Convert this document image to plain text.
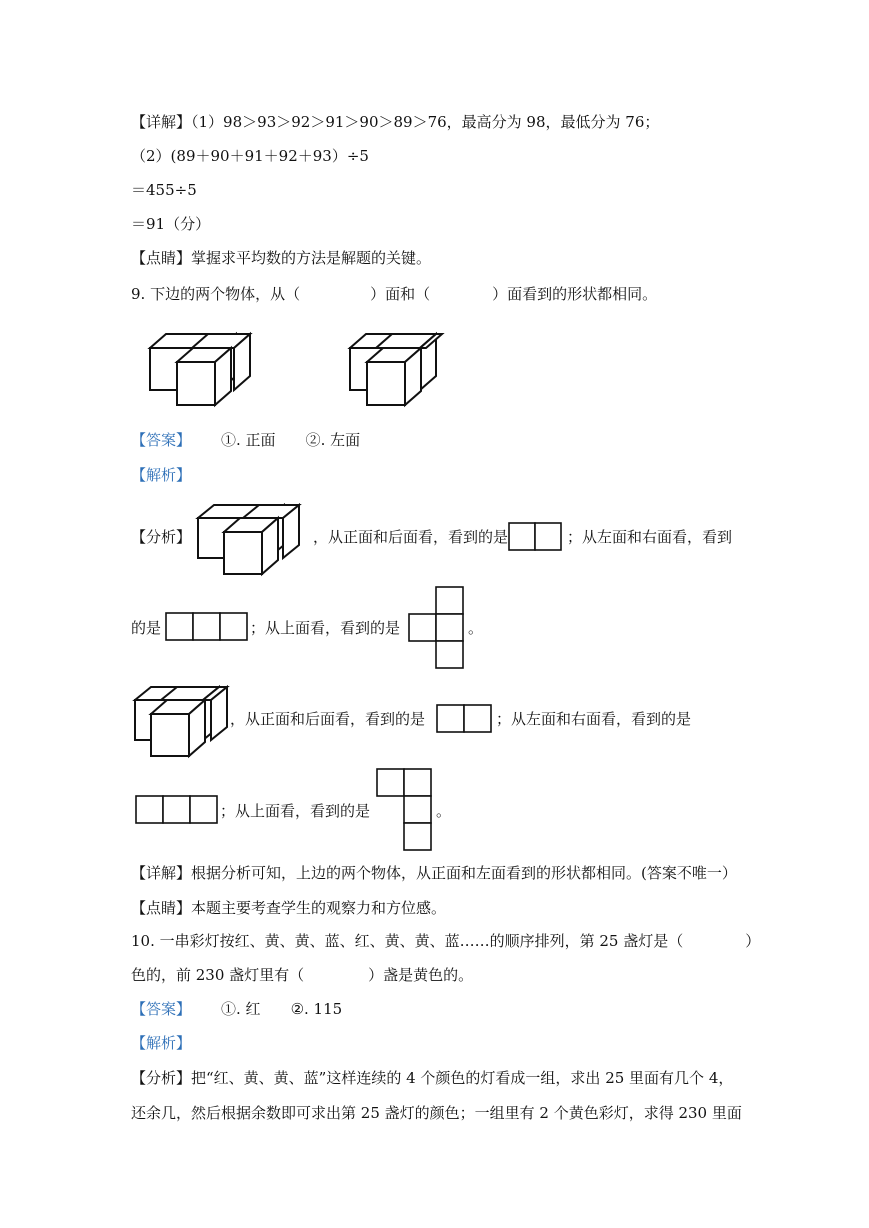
【详解】（1）98＞93＞92＞91＞90＞89＞76，最高分为 98，最低分为 76；
（2）(89＋90＋91＋92＋93）÷5
＝455÷5
＝91（分）
【点睛】掌握求平均数的方法是解题的关键。
9. 下边的两个物体，从（	）面和（	）面看到的形状都相同。
【答案】 ①. 正面 ②. 左面
【解析】
【分析】	，从正面和后面看，看到的是	；从左面和右面看，看到
的是	；从上面看，看到的是	。
，从正面和后面看，看到的是	；从左面和右面看，看到的是
；从上面看，看到的是	。
【详解】根据分析可知，上边的两个物体，从正面和左面看到的形状都相同。(答案不唯一）
【点睛】本题主要考查学生的观察力和方位感。
10. 一串彩灯按红、黄、黄、蓝、红、黄、黄、蓝……的顺序排列，第 25 盏灯是（	）
色的，前 230 盏灯里有（	）盏是黄色的。
【答案】 ①. 红 ②. 115
【解析】
【分析】把“红、黄、黄、蓝”这样连续的 4 个颜色的灯看成一组，求出 25 里面有几个 4，
还余几，然后根据余数即可求出第 25 盏灯的颜色；一组里有 2 个黄色彩灯，求得 230 里面
